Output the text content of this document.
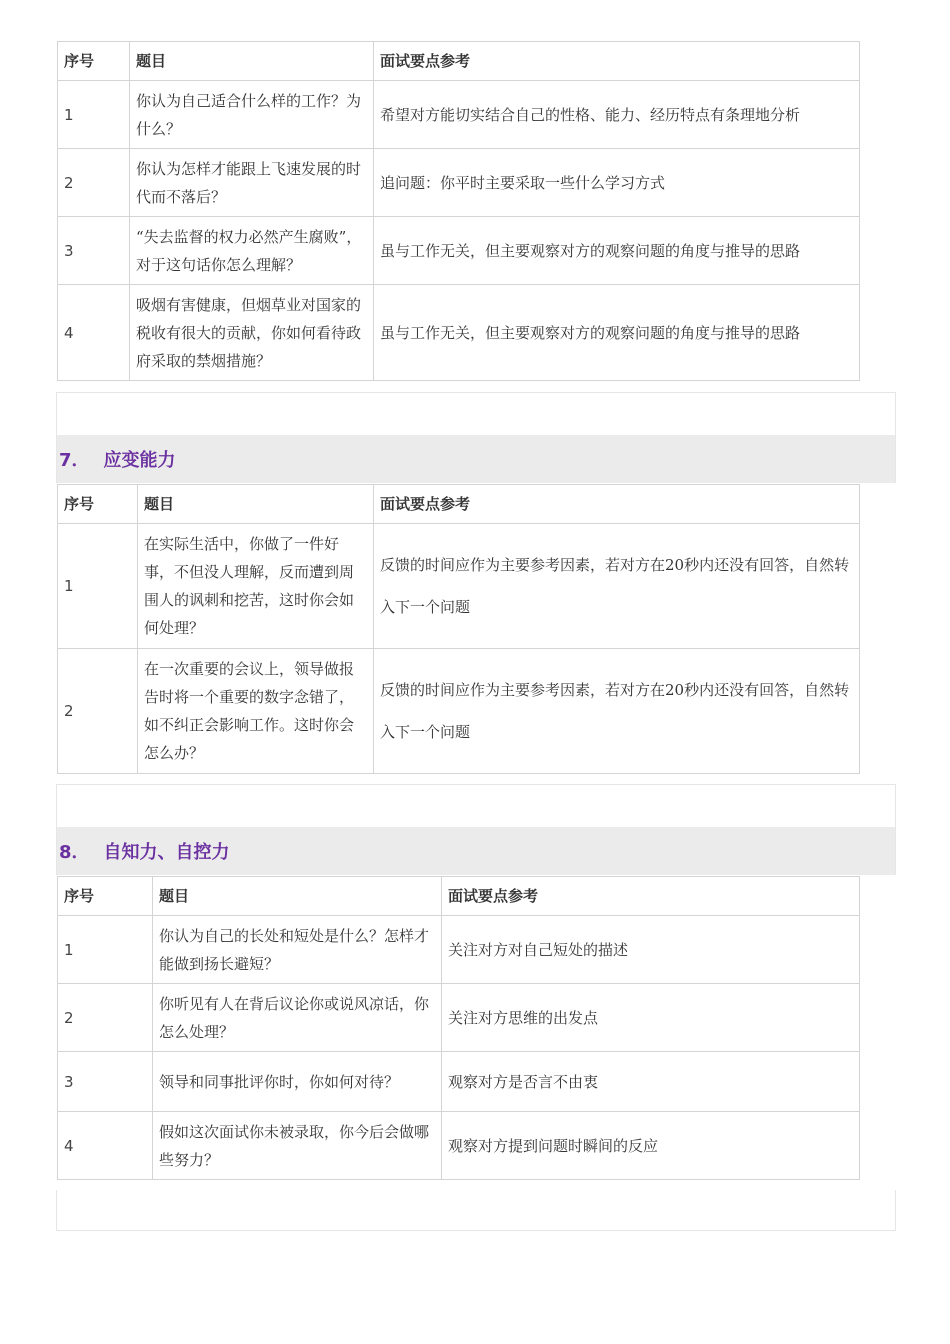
序号	题目	面试要点参考
1	你认为自己适合什么样的工作？为什么？	希望对方能切实结合自己的性格、能力、经历特点有条理地分析
2	你认为怎样才能跟上飞速发展的时代而不落后？	追问题：你平时主要采取一些什么学习方式
3	“失去监督的权力必然产生腐败”，对于这句话你怎么理解？	虽与工作无关，但主要观察对方的观察问题的角度与推导的思路
4	吸烟有害健康，但烟草业对国家的税收有很大的贡献，你如何看待政府采取的禁烟措施？	虽与工作无关，但主要观察对方的观察问题的角度与推导的思路
7． 应变能力
序号	题目	面试要点参考
1	在实际生活中，你做了一件好事，不但没人理解，反而遭到周围人的讽刺和挖苦，这时你会如何处理？	反馈的时间应作为主要参考因素，若对方在20秒内还没有回答，自然转入下一个问题
2	在一次重要的会议上，领导做报告时将一个重要的数字念错了，如不纠正会影响工作。这时你会怎么办？	反馈的时间应作为主要参考因素，若对方在20秒内还没有回答，自然转入下一个问题
8． 自知力、自控力
序号	题目	面试要点参考
1	你认为自己的长处和短处是什么？怎样才能做到扬长避短？	关注对方对自己短处的描述
2	你听见有人在背后议论你或说风凉话，你怎么处理？	关注对方思维的出发点
3	领导和同事批评你时，你如何对待？	观察对方是否言不由衷
4	假如这次面试你未被录取，你今后会做哪些努力？	观察对方提到问题时瞬间的反应
